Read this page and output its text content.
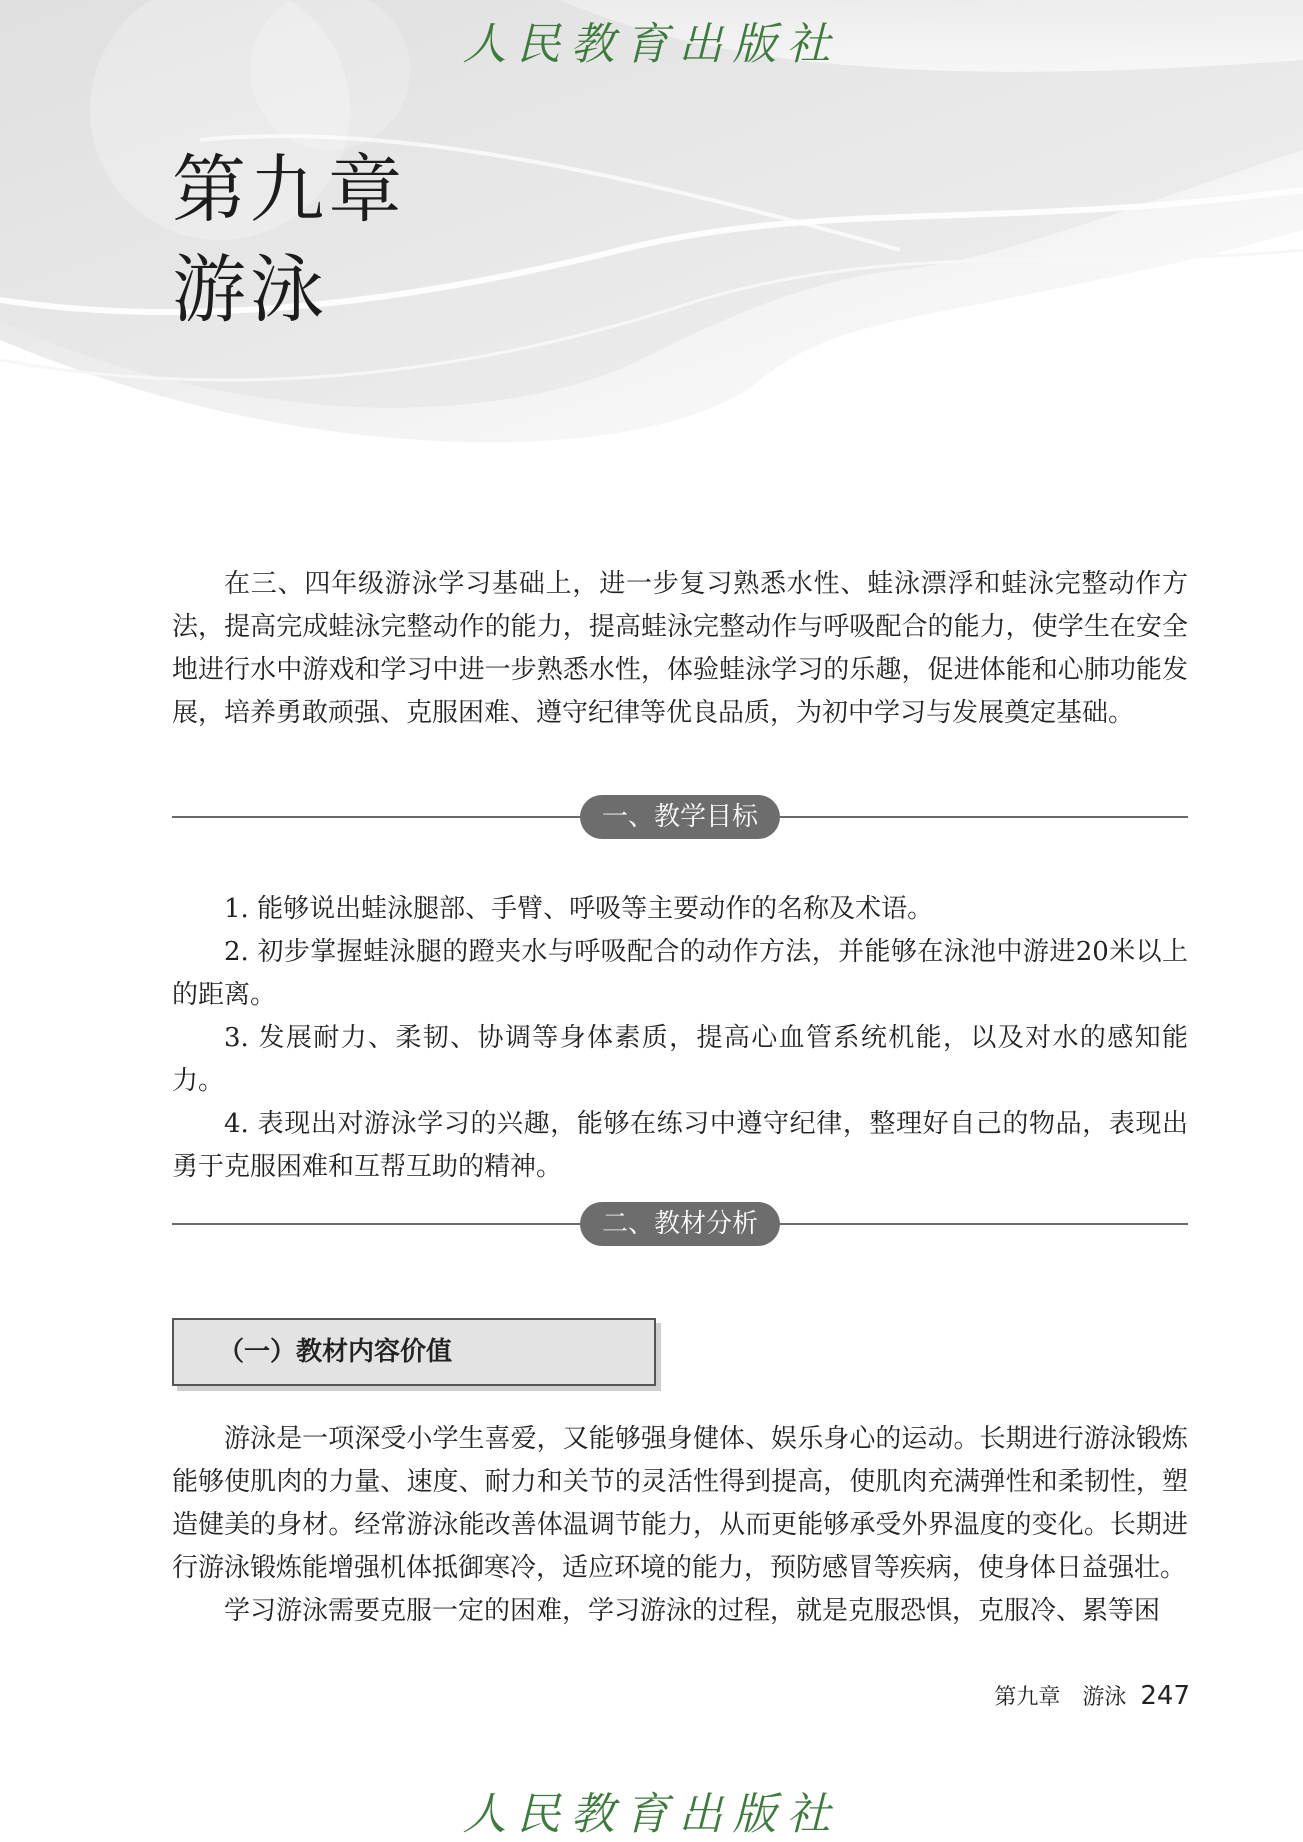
人民教育出版社
第九章
游泳

在三、四年级游泳学习基础上，进一步复习熟悉水性、蛙泳漂浮和蛙泳完整动作方法，提高完成蛙泳完整动作的能力，提高蛙泳完整动作与呼吸配合的能力，使学生在安全地进行水中游戏和学习中进一步熟悉水性，体验蛙泳学习的乐趣，促进体能和心肺功能发展，培养勇敢顽强、克服困难、遵守纪律等优良品质，为初中学习与发展奠定基础。

一、教学目标

1. 能够说出蛙泳腿部、手臂、呼吸等主要动作的名称及术语。

2. 初步掌握蛙泳腿的蹬夹水与呼吸配合的动作方法，并能够在泳池中游进20米以上的距离。

3. 发展耐力、柔韧、协调等身体素质，提高心血管系统机能，以及对水的感知能力。

4. 表现出对游泳学习的兴趣，能够在练习中遵守纪律，整理好自己的物品，表现出勇于克服困难和互帮互助的精神。

二、教材分析
（一）教材内容价值

游泳是一项深受小学生喜爱，又能够强身健体、娱乐身心的运动。长期进行游泳锻炼能够使肌肉的力量、速度、耐力和关节的灵活性得到提高，使肌肉充满弹性和柔韧性，塑造健美的身材。经常游泳能改善体温调节能力，从而更能够承受外界温度的变化。长期进行游泳锻炼能增强机体抵御寒冷，适应环境的能力，预防感冒等疾病，使身体日益强壮。

学习游泳需要克服一定的困难，学习游泳的过程，就是克服恐惧，克服冷、累等困

第九章　游泳 247
人民教育出版社
